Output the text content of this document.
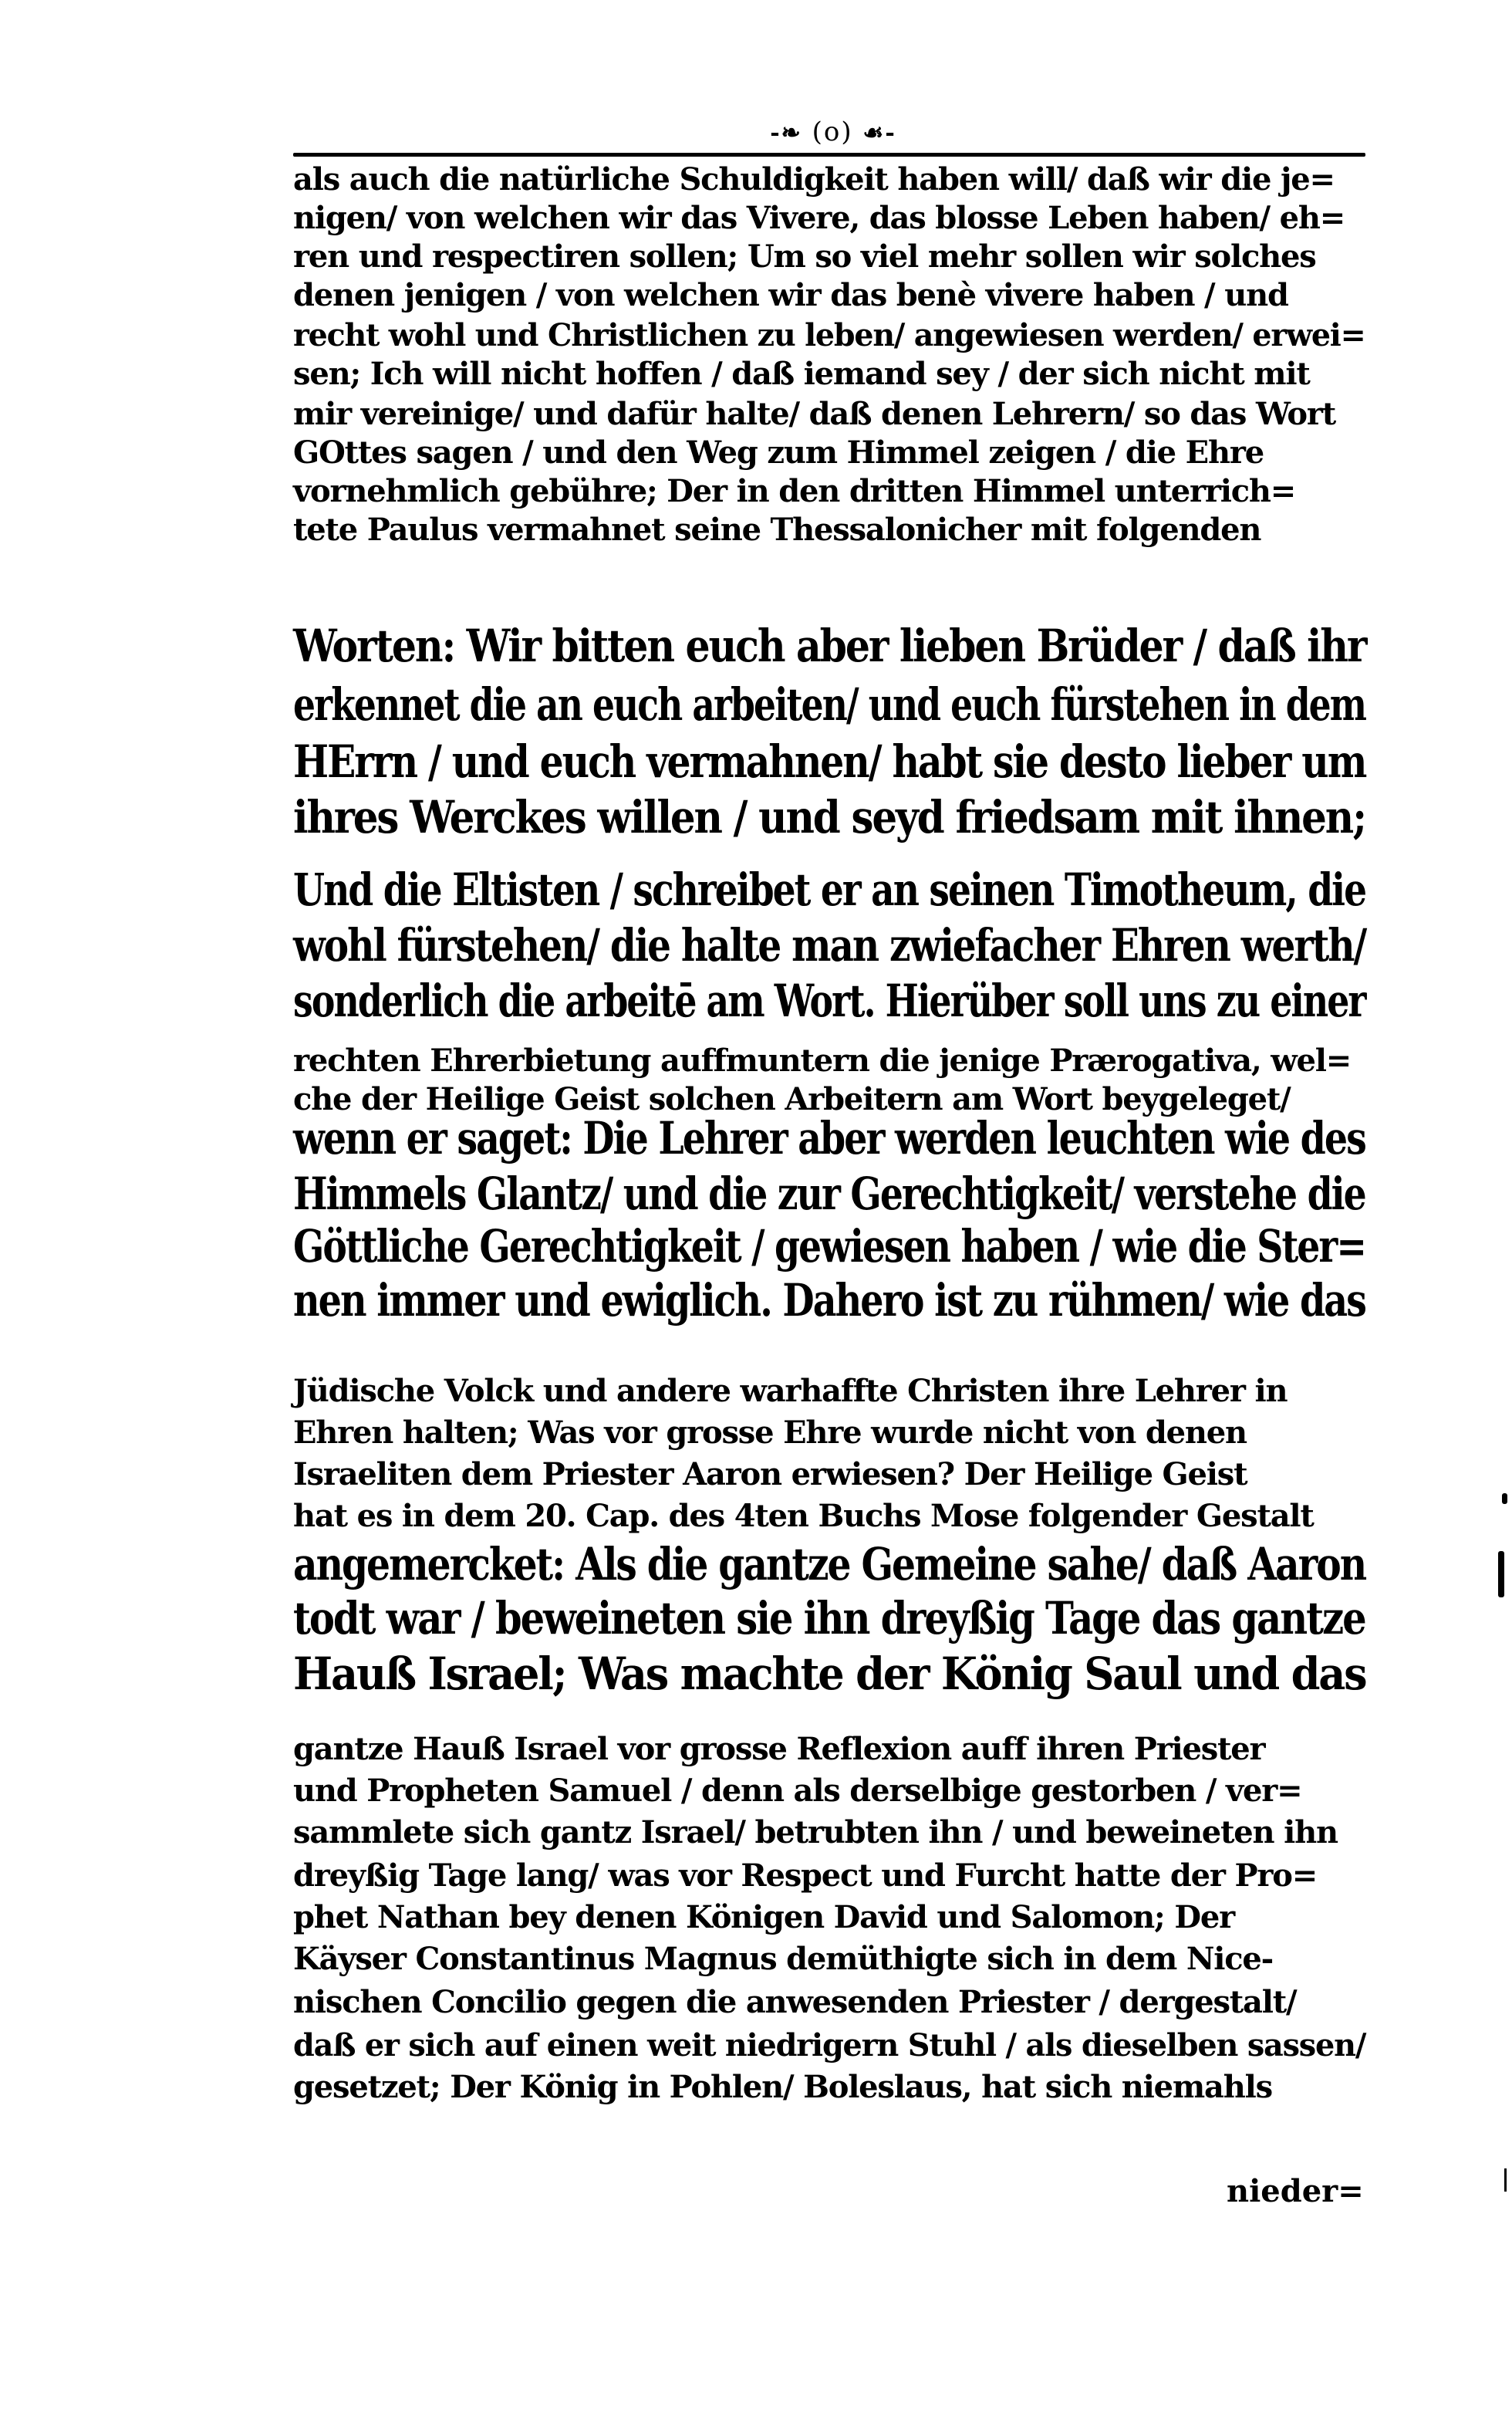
-❧ (o) ☙-
als auch die natürliche Schuldigkeit haben will/ daß wir die je=
nigen/ von welchen wir das Vivere, das blosse Leben haben/ eh=
ren und respectiren sollen; Um so viel mehr sollen wir solches
denen jenigen / von welchen wir das benè vivere haben / und
recht wohl und Christlichen zu leben/ angewiesen werden/ erwei=
sen; Ich will nicht hoffen / daß iemand sey / der sich nicht mit
mir vereinige/ und dafür halte/ daß denen Lehrern/ so das Wort
GOttes sagen / und den Weg zum Himmel zeigen / die Ehre
vornehmlich gebühre; Der in den dritten Himmel unterrich=
tete Paulus vermahnet seine Thessalonicher mit folgenden
Worten: Wir bitten euch aber lieben Brüder / daß ihr
erkennet die an euch arbeiten/ und euch fürstehen in dem
HErrn / und euch vermahnen/ habt sie desto lieber um
ihres Werckes willen / und seyd friedsam mit ihnen;
Und die Eltisten / schreibet er an seinen Timotheum, die
wohl fürstehen/ die halte man zwiefacher Ehren werth/
sonderlich die arbeitē am Wort. Hierüber soll uns zu einer
rechten Ehrerbietung auffmuntern die jenige Prærogativa, wel=
che der Heilige Geist solchen Arbeitern am Wort beygeleget/
wenn er saget: Die Lehrer aber werden leuchten wie des
Himmels Glantz/ und die zur Gerechtigkeit/ verstehe die
Göttliche Gerechtigkeit / gewiesen haben / wie die Ster=
nen immer und ewiglich. Dahero ist zu rühmen/ wie das
Jüdische Volck und andere warhaffte Christen ihre Lehrer in
Ehren halten; Was vor grosse Ehre wurde nicht von denen
Israeliten dem Priester Aaron erwiesen? Der Heilige Geist
hat es in dem 20. Cap. des 4ten Buchs Mose folgender Gestalt
angemercket: Als die gantze Gemeine sahe/ daß Aaron
todt war / beweineten sie ihn dreyßig Tage das gantze
Hauß Israel; Was machte der König Saul und das
gantze Hauß Israel vor grosse Reflexion auff ihren Priester
und Propheten Samuel / denn als derselbige gestorben / ver=
sammlete sich gantz Israel/ betrubten ihn / und beweineten ihn
dreyßig Tage lang/ was vor Respect und Furcht hatte der Pro=
phet Nathan bey denen Königen David und Salomon; Der
Käyser Constantinus Magnus demüthigte sich in dem Nice-
nischen Concilio gegen die anwesenden Priester / dergestalt/
daß er sich auf einen weit niedrigern Stuhl / als dieselben sassen/
gesetzet; Der König in Pohlen/ Boleslaus, hat sich niemahls
nieder=
